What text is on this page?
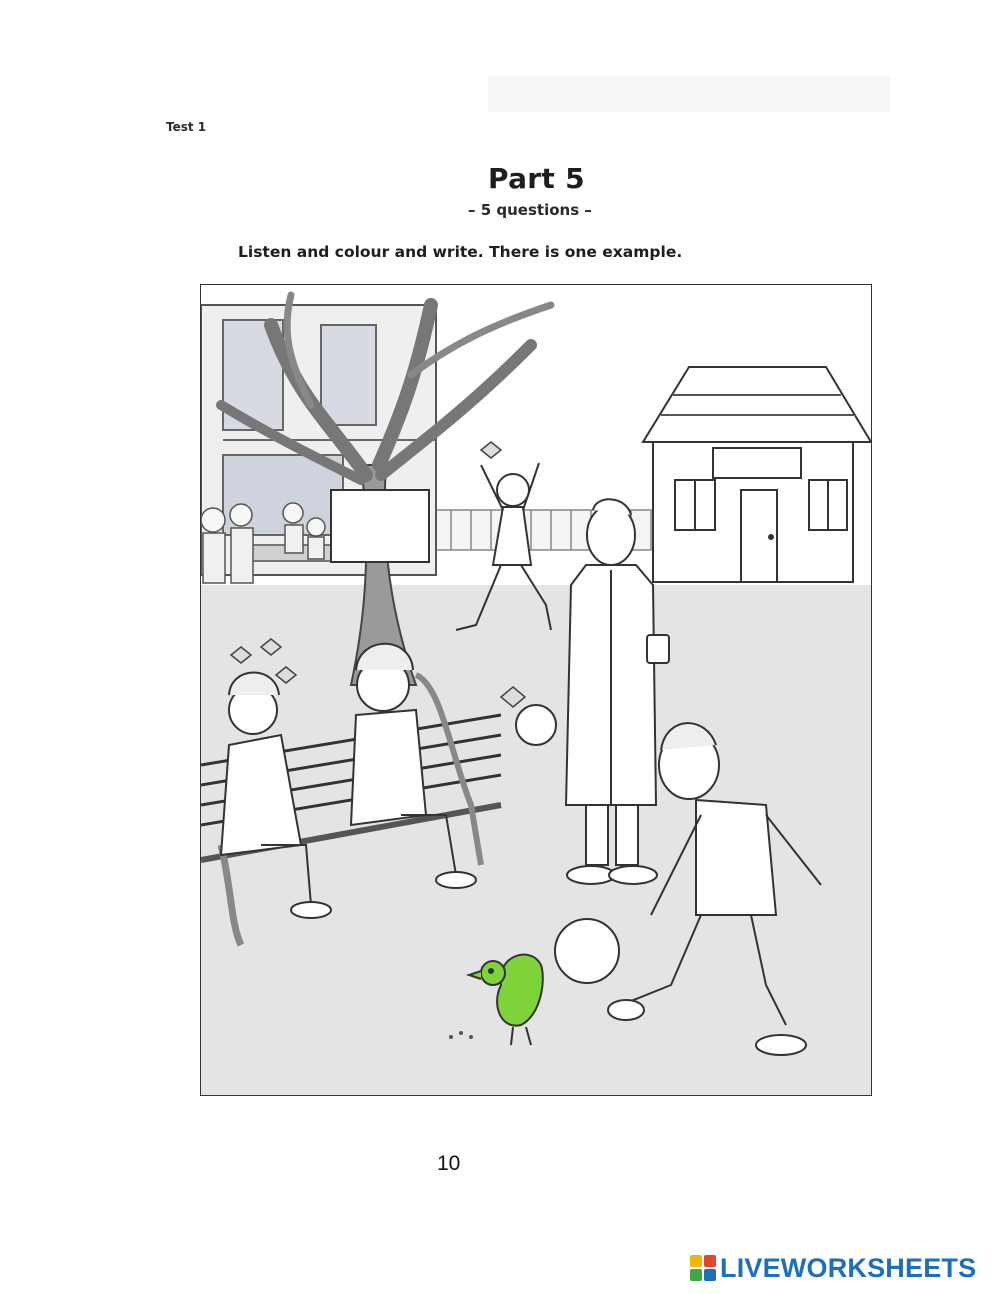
Test 1
Part 5
– 5 questions –
Listen and colour and write. There is one example.
10
LIVEWORKSHEETS
